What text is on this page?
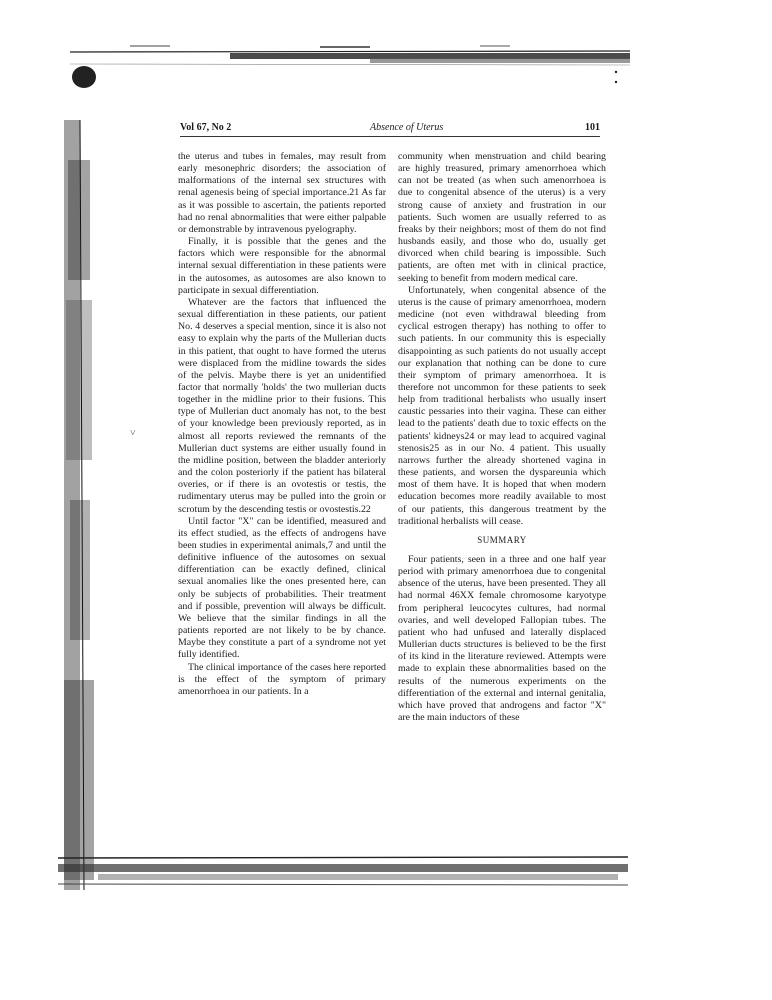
˅
Vol 67, No 2	Absence of Uterus	101

the uterus and tubes in females, may result from early mesonephric disorders; the association of malformations of the internal sex structures with renal agenesis being of special importance.21 As far as it was possible to ascertain, the patients reported had no renal abnormalities that were either palpable or demonstrable by intravenous pyelography.

Finally, it is possible that the genes and the factors which were responsible for the abnormal internal sexual differentiation in these patients were in the autosomes, as autosomes are also known to participate in sexual differentiation.

Whatever are the factors that influenced the sexual differentiation in these patients, our patient No. 4 deserves a special mention, since it is also not easy to explain why the parts of the Mullerian ducts in this patient, that ought to have formed the uterus were displaced from the midline towards the sides of the pelvis. Maybe there is yet an unidentified factor that normally 'holds' the two mullerian ducts together in the midline prior to their fusions. This type of Mullerian duct anomaly has not, to the best of your knowledge been previously reported, as in almost all reports reviewed the remnants of the Mullerian duct systems are either usually found in the midline position, between the bladder anteriorly and the colon posteriorly if the patient has bilateral overies, or if there is an ovotestis or testis, the rudimentary uterus may be pulled into the groin or scrotum by the descending testis or ovostestis.22

Until factor "X" can be identified, measured and its effect studied, as the effects of androgens have been studies in experimental animals,7 and until the definitive influence of the autosomes on sexual differentiation can be exactly defined, clinical sexual anomalies like the ones presented here, can only be subjects of probabilities. Their treatment and if possible, prevention will always be difficult. We believe that the similar findings in all the patients reported are not likely to be by chance. Maybe they constitute a part of a syndrome not yet fully identified.

The clinical importance of the cases here reported is the effect of the symptom of primary amenorrhoea in our patients. In a

community when menstruation and child bearing are highly treasured, primary amenorrhoea which can not be treated (as when such amenorrhoea is due to congenital absence of the uterus) is a very strong cause of anxiety and frustration in our patients. Such women are usually referred to as freaks by their neighbors; most of them do not find husbands easily, and those who do, usually get divorced when child bearing is impossible. Such patients, are often met with in clinical practice, seeking to benefit from modern medical care.

Unfortunately, when congenital absence of the uterus is the cause of primary amenorrhoea, modern medicine (not even withdrawal bleeding from cyclical estrogen therapy) has nothing to offer to such patients. In our community this is especially disappointing as such patients do not usually accept our explanation that nothing can be done to cure their symptom of primary amenorrhoea. It is therefore not uncommon for these patients to seek help from traditional herbalists who usually insert caustic pessaries into their vagina. These can either lead to the patients' death due to toxic effects on the patients' kidneys24 or may lead to acquired vaginal stenosis25 as in our No. 4 patient. This usually narrows further the already shortened vagina in these patients, and worsen the dyspareunia which most of them have. It is hoped that when modern education becomes more readily available to most of our patients, this dangerous treatment by the traditional herbalists will cease.

SUMMARY

Four patients, seen in a three and one half year period with primary amenorrhoea due to congenital absence of the uterus, have been presented. They all had normal 46XX female chromosome karyotype from peripheral leucocytes cultures, had normal ovaries, and well developed Fallopian tubes. The patient who had unfused and laterally displaced Mullerian ducts structures is believed to be the first of its kind in the literature reviewed. Attempts were made to explain these abnormalities based on the results of the numerous experiments on the differentiation of the external and internal genitalia, which have proved that androgens and factor "X" are the main inductors of these
